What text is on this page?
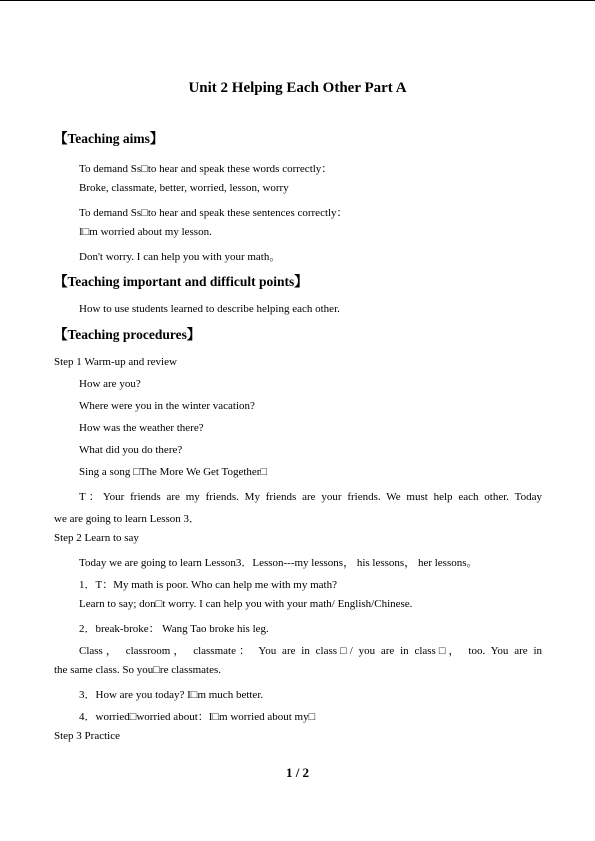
Unit 2 Helping Each Other Part A
【Teaching aims】
To demand Ss□to hear and speak these words correctly：
Broke, classmate, better, worried, lesson, worry
To demand Ss□to hear and speak these sentences correctly：
I□m worried about my lesson.
Don't worry. I can help you with your math。
【Teaching important and difficult points】
How to use students learned to describe helping each other.
【Teaching procedures】
Step 1 Warm-up and review
How are you?
Where were you in the winter vacation?
How was the weather there?
What did you do there?
Sing a song □The More We Get Together□
T：Your friends are my friends. My friends are your friends. We must help each other. Today
we are going to learn Lesson 3．
Step 2 Learn to say
Today we are going to learn Lesson3．Lesson---my lessons， his lessons， her lessons。
1．T：My math is poor. Who can help me with my math?
Learn to say; don□t worry. I can help you with your math/ English/Chinese.
2．break-broke： Wang Tao broke his leg.
Class， classroom， classmate： You are in class□/ you are in class□， too. You are in
the same class. So you□re classmates.
3．How are you today? I□m much better.
4．worried□worried about：I□m worried about my□
Step 3 Practice
1 / 2
